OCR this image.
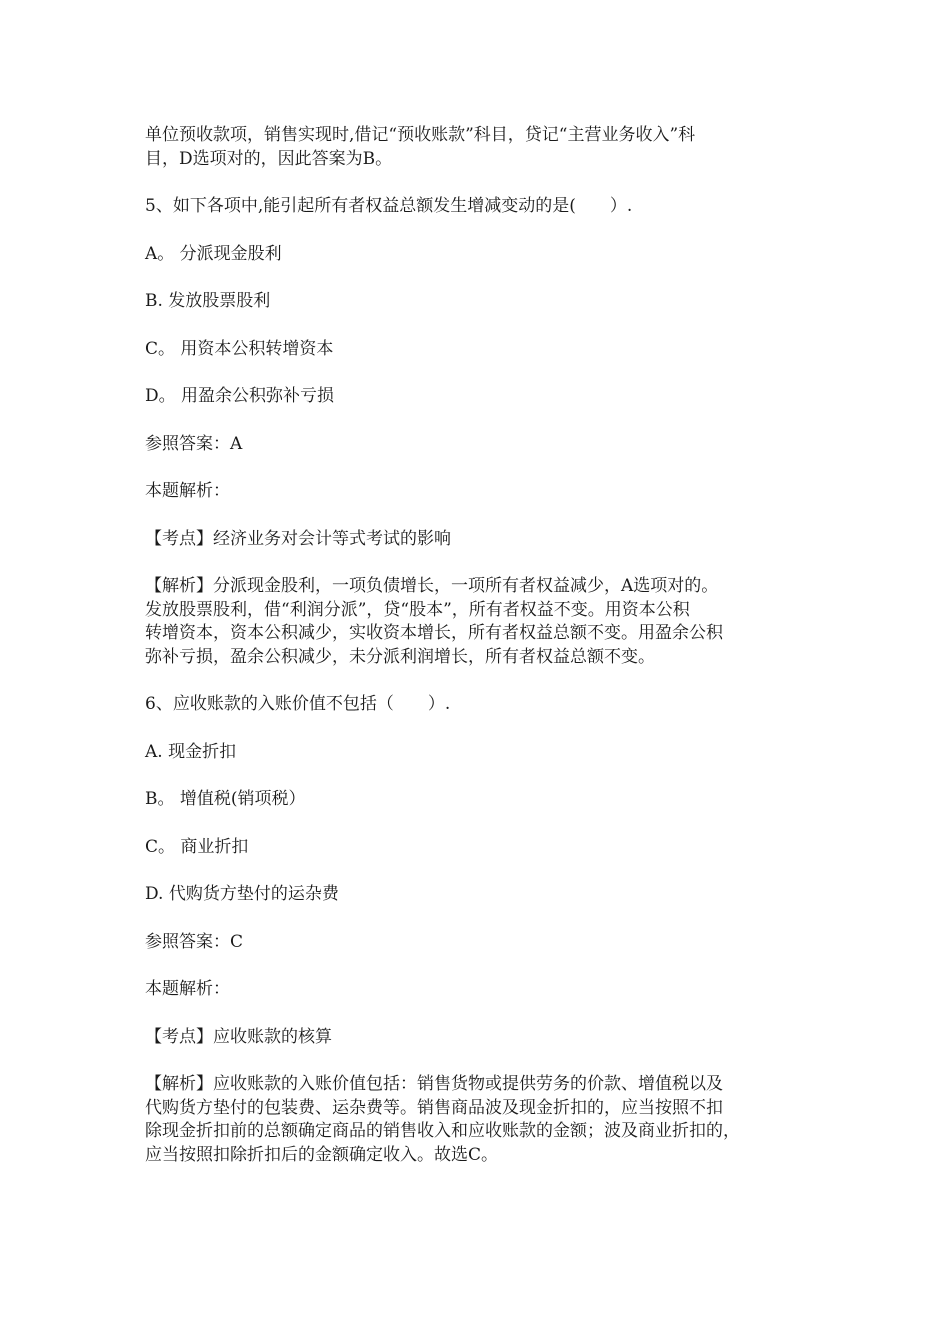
单位预收款项，销售实现时,借记“预收账款”科目，贷记“主营业务收入”科
目，D选项对的，因此答案为B。

5、如下各项中,能引起所有者权益总额发生增减变动的是(　　）.

A。 分派现金股利

B. 发放股票股利

C。 用资本公积转增资本

D。 用盈余公积弥补亏损

参照答案：A

本题解析：

【考点】经济业务对会计等式考试的影响

【解析】分派现金股利，一项负债增长，一项所有者权益减少，A选项对的。
发放股票股利，借“利润分派”，贷“股本”，所有者权益不变。用资本公积
转增资本，资本公积减少，实收资本增长，所有者权益总额不变。用盈余公积
弥补亏损，盈余公积减少，未分派利润增长，所有者权益总额不变。

6、应收账款的入账价值不包括（　　）.

A. 现金折扣

B。 增值税(销项税）

C。 商业折扣

D. 代购货方垫付的运杂费

参照答案：C

本题解析：

【考点】应收账款的核算

【解析】应收账款的入账价值包括：销售货物或提供劳务的价款、增值税以及
代购货方垫付的包装费、运杂费等。销售商品波及现金折扣的，应当按照不扣
除现金折扣前的总额确定商品的销售收入和应收账款的金额；波及商业折扣的，
应当按照扣除折扣后的金额确定收入。故选C。
